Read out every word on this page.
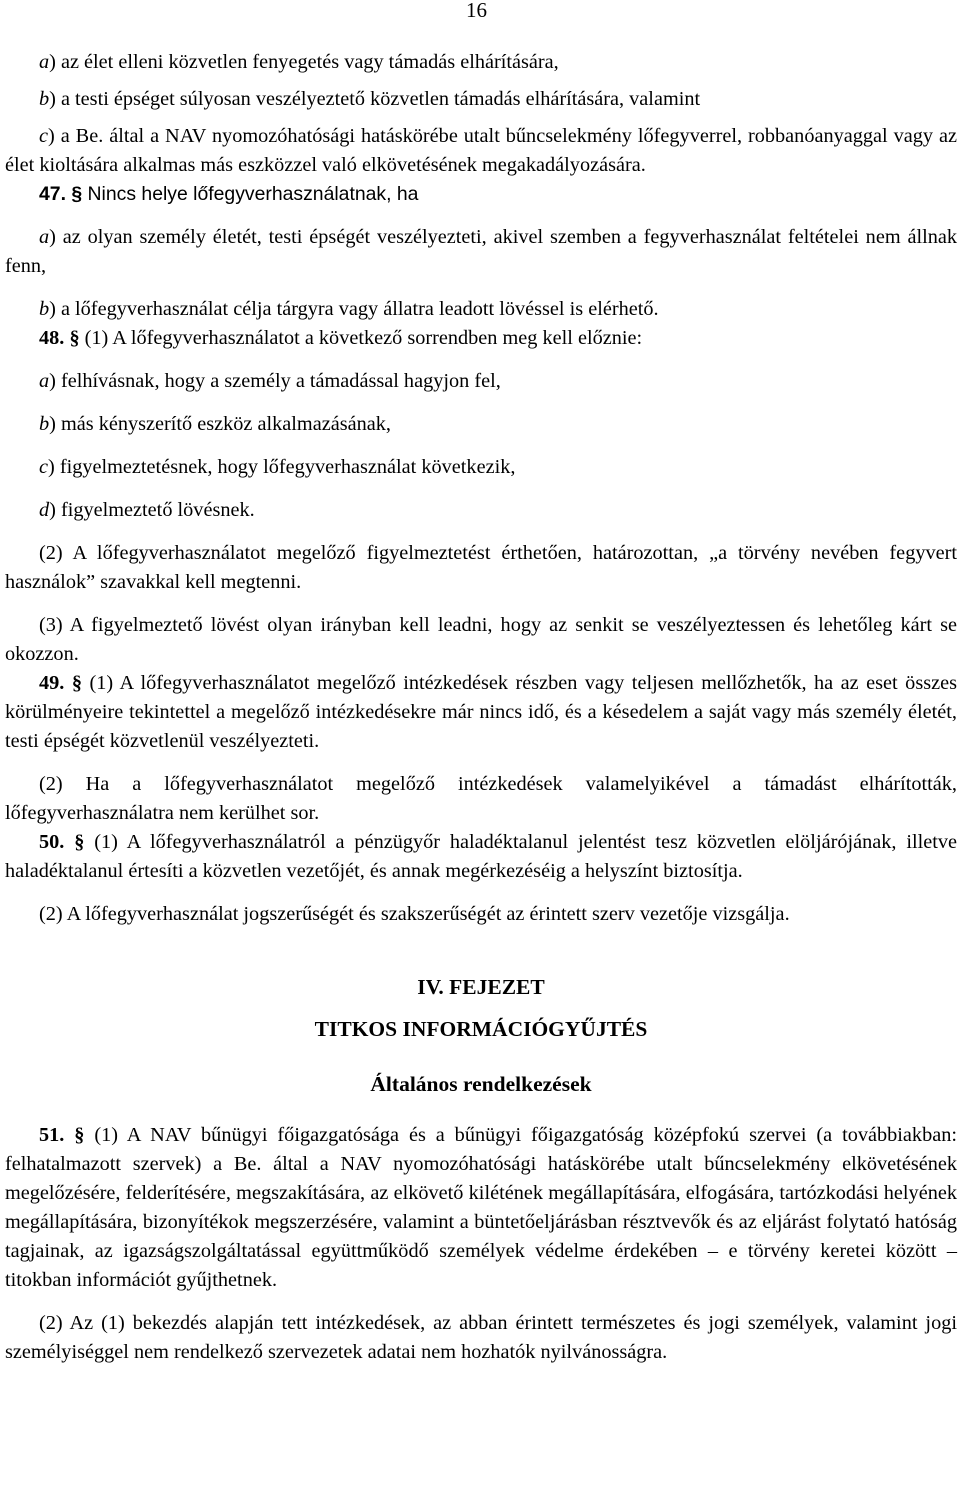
16

a) az élet elleni közvetlen fenyegetés vagy támadás elhárítására,

b) a testi épséget súlyosan veszélyeztető közvetlen támadás elhárítására, valamint

c) a Be. által a NAV nyomozóhatósági hatáskörébe utalt bűncselekmény lőfegyverrel, robbanóanyaggal vagy az élet kioltására alkalmas más eszközzel való elkövetésének megakadályozására.

47. § Nincs helye lőfegyverhasználatnak, ha

a) az olyan személy életét, testi épségét veszélyezteti, akivel szemben a fegyverhasználat feltételei nem állnak fenn,

b) a lőfegyverhasználat célja tárgyra vagy állatra leadott lövéssel is elérhető.

48. § (1) A lőfegyverhasználatot a következő sorrendben meg kell előznie:

a) felhívásnak, hogy a személy a támadással hagyjon fel,

b) más kényszerítő eszköz alkalmazásának,

c) figyelmeztetésnek, hogy lőfegyverhasználat következik,

d) figyelmeztető lövésnek.

(2) A lőfegyverhasználatot megelőző figyelmeztetést érthetően, határozottan, „a törvény nevében fegyvert használok” szavakkal kell megtenni.

(3) A figyelmeztető lövést olyan irányban kell leadni, hogy az senkit se veszélyeztessen és lehetőleg kárt se okozzon.

49. § (1) A lőfegyverhasználatot megelőző intézkedések részben vagy teljesen mellőzhetők, ha az eset összes körülményeire tekintettel a megelőző intézkedésekre már nincs idő, és a késedelem a saját vagy más személy életét, testi épségét közvetlenül veszélyezteti.

(2) Ha a lőfegyverhasználatot megelőző intézkedések valamelyikével a támadást elhárították, lőfegyverhasználatra nem kerülhet sor.

50. § (1) A lőfegyverhasználatról a pénzügyőr haladéktalanul jelentést tesz közvetlen elöljárójának, illetve haladéktalanul értesíti a közvetlen vezetőjét, és annak megérkezéséig a helyszínt biztosítja.

(2) A lőfegyverhasználat jogszerűségét és szakszerűségét az érintett szerv vezetője vizsgálja.

IV. FEJEZET

TITKOS INFORMÁCIÓGYŰJTÉS

Általános rendelkezések

51. § (1) A NAV bűnügyi főigazgatósága és a bűnügyi főigazgatóság középfokú szervei (a továbbiakban: felhatalmazott szervek) a Be. által a NAV nyomozóhatósági hatáskörébe utalt bűncselekmény elkövetésének megelőzésére, felderítésére, megszakítására, az elkövető kilétének megállapítására, elfogására, tartózkodási helyének megállapítására, bizonyítékok megszerzésére, valamint a büntetőeljárásban résztvevők és az eljárást folytató hatóság tagjainak, az igazságszolgáltatással együttműködő személyek védelme érdekében – e törvény keretei között – titokban információt gyűjthetnek.

(2) Az (1) bekezdés alapján tett intézkedések, az abban érintett természetes és jogi személyek, valamint jogi személyiséggel nem rendelkező szervezetek adatai nem hozhatók nyilvánosságra.
